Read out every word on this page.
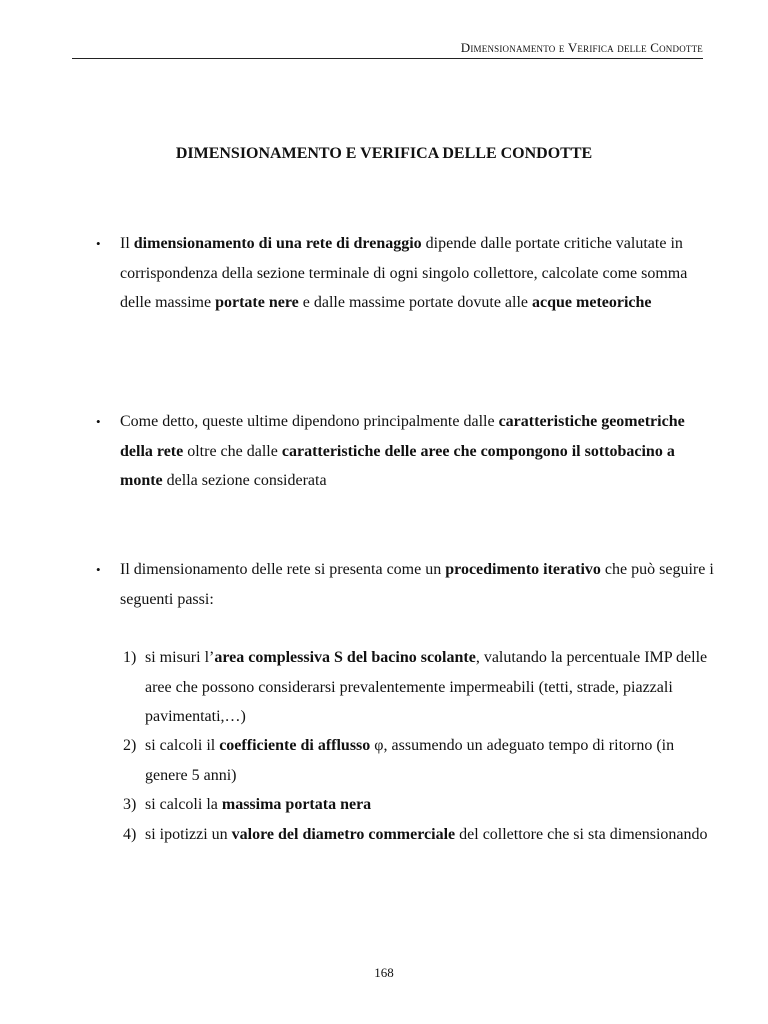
Dimensionamento e Verifica delle Condotte
DIMENSIONAMENTO E VERIFICA DELLE CONDOTTE
• Il dimensionamento di una rete di drenaggio dipende dalle portate critiche valutate in corrispondenza della sezione terminale di ogni singolo collettore, calcolate come somma delle massime portate nere e dalle massime portate dovute alle acque meteoriche
• Come detto, queste ultime dipendono principalmente dalle caratteristiche geometriche della rete oltre che dalle caratteristiche delle aree che compongono il sottobacino a monte della sezione considerata
• Il dimensionamento delle rete si presenta come un procedimento iterativo che può seguire i seguenti passi:
1) si misuri l’area complessiva S del bacino scolante, valutando la percentuale IMP delle aree che possono considerarsi prevalentemente impermeabili (tetti, strade, piazzali pavimentati,…)
2) si calcoli il coefficiente di afflusso φ, assumendo un adeguato tempo di ritorno (in genere 5 anni)
3) si calcoli la massima portata nera
4) si ipotizzi un valore del diametro commerciale del collettore che si sta dimensionando
168
